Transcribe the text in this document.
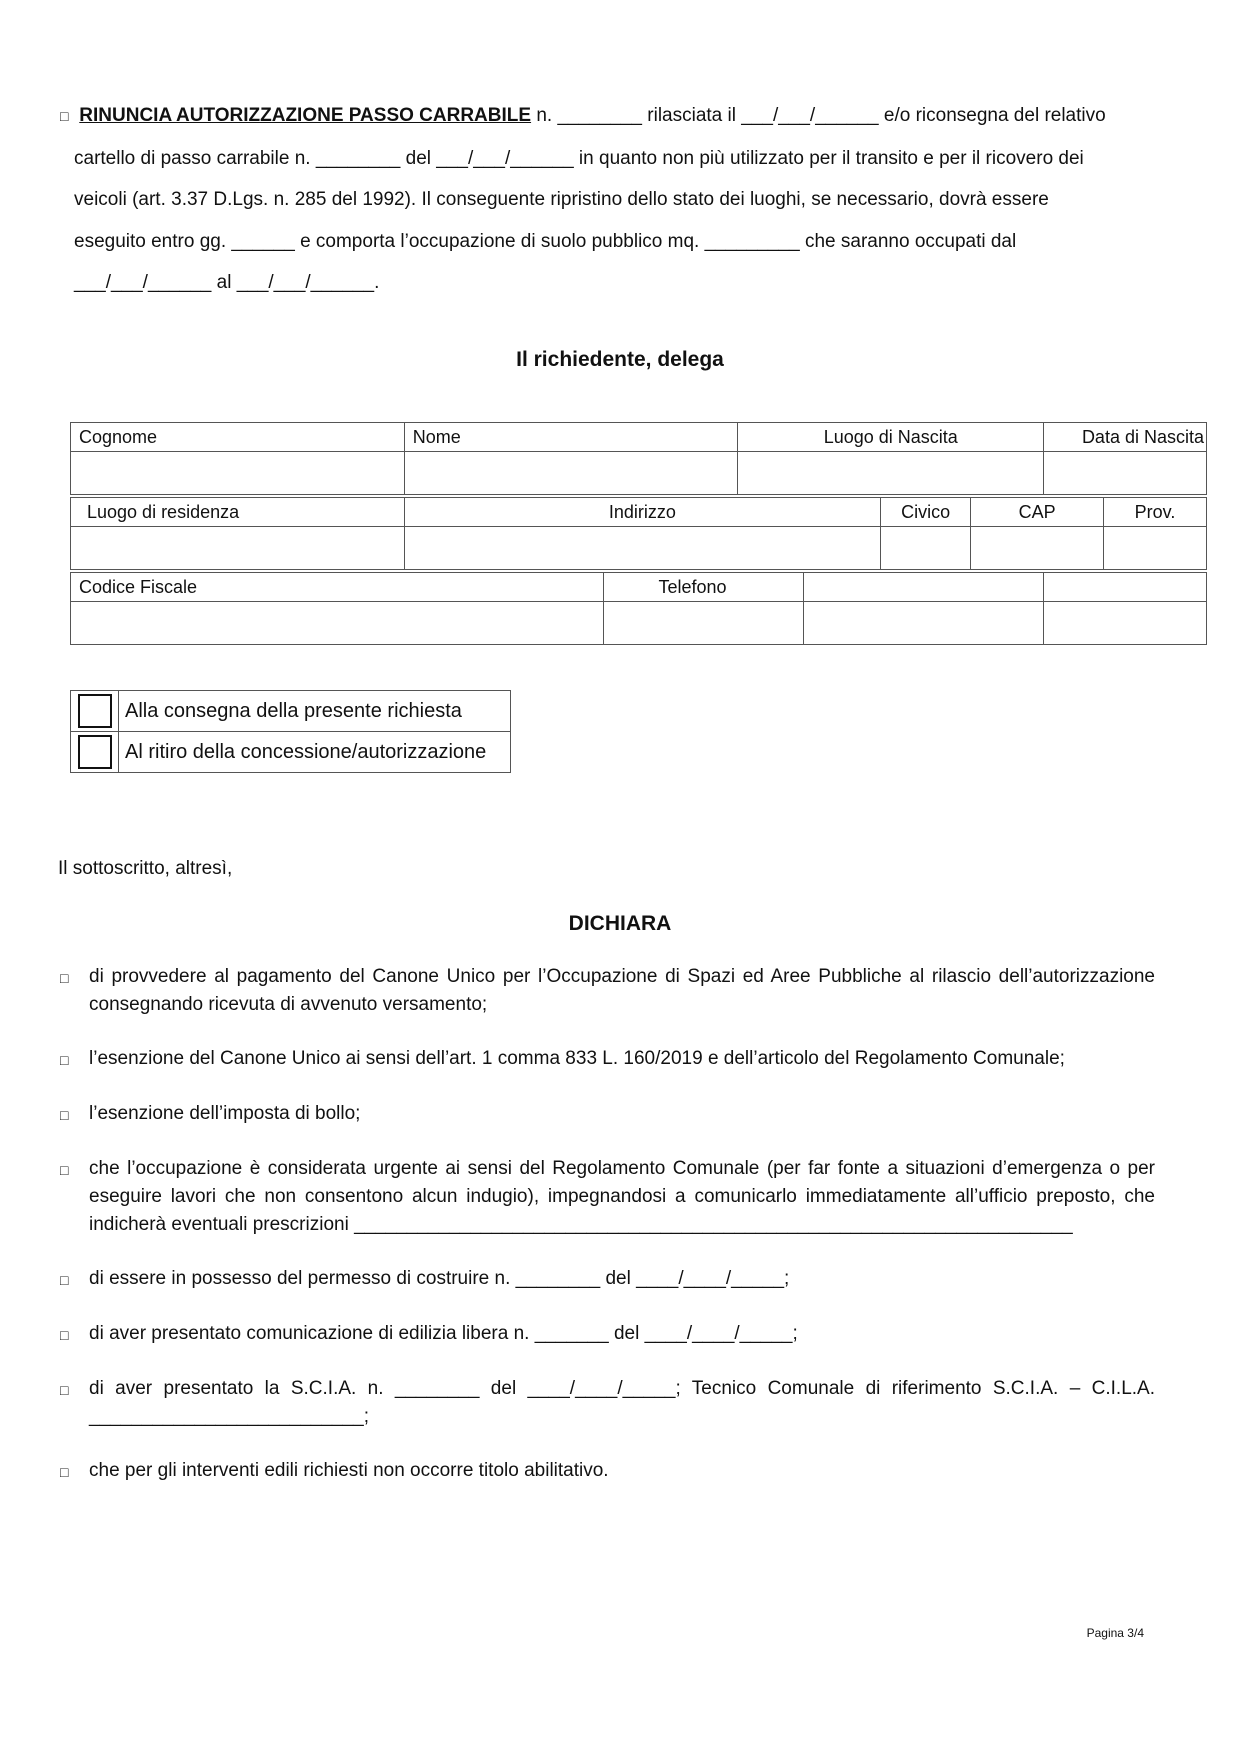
□ RINUNCIA AUTORIZZAZIONE PASSO CARRABILE n. ________ rilasciata il ___/___/______ e/o riconsegna del relativo
cartello di passo carrabile n. ________ del ___/___/______ in quanto non più utilizzato per il transito e per il ricovero dei
veicoli (art. 3.37 D.Lgs. n. 285 del 1992). Il conseguente ripristino dello stato dei luoghi, se necessario, dovrà essere
eseguito entro gg. ______ e comporta l’occupazione di suolo pubblico mq. _________ che saranno occupati dal
___/___/______ al ___/___/______.
Il richiedente, delega
Cognome	Nome	Luogo di Nascita	Data di Nascita

Luogo di residenza	Indirizzo	Civico	CAP	Prov.

Codice Fiscale	Telefono		

	Alla consegna della presente richiesta

	Al ritiro della concessione/autorizzazione
Il sottoscritto, altresì,
DICHIARA
□ di provvedere al pagamento del Canone Unico per l’Occupazione di Spazi ed Aree Pubbliche al rilascio dell’autorizzazione consegnando ricevuta di avvenuto versamento;
□ l’esenzione del Canone Unico ai sensi dell’art. 1 comma 833 L. 160/2019 e dell’articolo del Regolamento Comunale;
□ l’esenzione dell’imposta di bollo;
□ che l’occupazione è considerata urgente ai sensi del Regolamento Comunale (per far fonte a situazioni d’emergenza o per eseguire lavori che non consentono alcun indugio), impegnandosi a comunicarlo immediatamente all’ufficio preposto, che indicherà eventuali prescrizioni ____________________________________________________________________
□ di essere in possesso del permesso di costruire n. ________ del ____/____/_____;
□ di aver presentato comunicazione di edilizia libera n. _______ del ____/____/_____;
□ di aver presentato la S.C.I.A. n. ________ del ____/____/_____; Tecnico Comunale di riferimento S.C.I.A. – C.I.L.A. __________________________;
□ che per gli interventi edili richiesti non occorre titolo abilitativo.
Pagina 3/4
